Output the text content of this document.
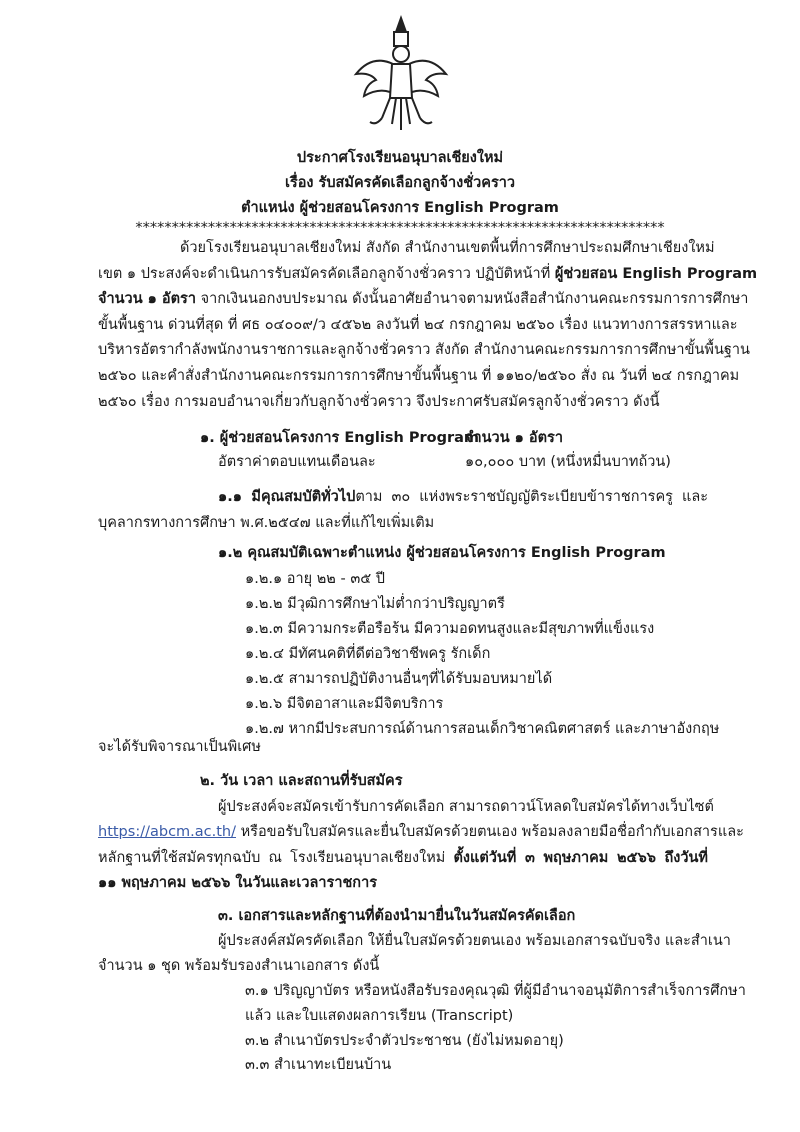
ประกาศโรงเรียนอนุบาลเชียงใหม่
เรื่อง รับสมัครคัดเลือกลูกจ้างชั่วคราว
ตำแหน่ง ผู้ช่วยสอนโครงการ English Program
*************************************************************************
ด้วยโรงเรียนอนุบาลเชียงใหม่ สังกัด สำนักงานเขตพื้นที่การศึกษาประถมศึกษาเชียงใหม่
เขต ๑ ประสงค์จะดำเนินการรับสมัครคัดเลือกลูกจ้างชั่วคราว ปฏิบัติหน้าที่ ผู้ช่วยสอน English Program
จำนวน ๑ อัตรา จากเงินนอกงบประมาณ ดังนั้นอาศัยอำนาจตามหนังสือสำนักงานคณะกรรมการการศึกษา
ขั้นพื้นฐาน ด่วนที่สุด ที่ ศธ ๐๔๐๐๙/ว ๔๕๖๒ ลงวันที่ ๒๔ กรกฎาคม ๒๕๖๐ เรื่อง แนวทางการสรรหาและ
บริหารอัตรากำลังพนักงานราชการและลูกจ้างชั่วคราว สังกัด สำนักงานคณะกรรมการการศึกษาขั้นพื้นฐาน
๒๕๖๐ และคำสั่งสำนักงานคณะกรรมการการศึกษาขั้นพื้นฐาน ที่ ๑๑๒๐/๒๕๖๐ สั่ง ณ วันที่ ๒๔ กรกฎาคม
๒๕๖๐ เรื่อง การมอบอำนาจเกี่ยวกับลูกจ้างชั่วคราว จึงประกาศรับสมัครลูกจ้างชั่วคราว ดังนี้
๑. ผู้ช่วยสอนโครงการ English Program
จำนวน ๑ อัตรา
อัตราค่าตอบแทนเดือนละ	๑๐,๐๐๐ บาท (หนึ่งหมื่นบาทถ้วน)
๑.๑ มีคุณสมบัติทั่วไปตาม ๓๐ แห่งพระราชบัญญัติระเบียบข้าราชการครู และ
บุคลากรทางการศึกษา พ.ศ.๒๕๔๗ และที่แก้ไขเพิ่มเติม
๑.๒ คุณสมบัติเฉพาะตำแหน่ง ผู้ช่วยสอนโครงการ English Program
๑.๒.๑ อายุ ๒๒ - ๓๕ ปี
๑.๒.๒ มีวุฒิการศึกษาไม่ต่ำกว่าปริญญาตรี
๑.๒.๓ มีความกระตือรือร้น มีความอดทนสูงและมีสุขภาพที่แข็งแรง
๑.๒.๔ มีทัศนคติที่ดีต่อวิชาชีพครู รักเด็ก
๑.๒.๕ สามารถปฏิบัติงานอื่นๆที่ได้รับมอบหมายได้
๑.๒.๖ มีจิตอาสาและมีจิตบริการ
๑.๒.๗ หากมีประสบการณ์ด้านการสอนเด็กวิชาคณิตศาสตร์ และภาษาอังกฤษ
จะได้รับพิจารณาเป็นพิเศษ
๒. วัน เวลา และสถานที่รับสมัคร
ผู้ประสงค์จะสมัครเข้ารับการคัดเลือก สามารถดาวน์โหลดใบสมัครได้ทางเว็บไซต์
https://abcm.ac.th/ หรือขอรับใบสมัครและยื่นใบสมัครด้วยตนเอง พร้อมลงลายมือชื่อกำกับเอกสารและ
หลักฐานที่ใช้สมัครทุกฉบับ ณ โรงเรียนอนุบาลเชียงใหม่ ตั้งแต่วันที่ ๓ พฤษภาคม ๒๕๖๖ ถึงวันที่
๑๑ พฤษภาคม ๒๕๖๖ ในวันและเวลาราชการ
๓. เอกสารและหลักฐานที่ต้องนำมายื่นในวันสมัครคัดเลือก
ผู้ประสงค์สมัครคัดเลือก ให้ยื่นใบสมัครด้วยตนเอง พร้อมเอกสารฉบับจริง และสำเนา
จำนวน ๑ ชุด พร้อมรับรองสำเนาเอกสาร ดังนี้
๓.๑ ปริญญาบัตร หรือหนังสือรับรองคุณวุฒิ ที่ผู้มีอำนาจอนุมัติการสำเร็จการศึกษา
แล้ว และใบแสดงผลการเรียน (Transcript)
๓.๒ สำเนาบัตรประจำตัวประชาชน (ยังไม่หมดอายุ)
๓.๓ สำเนาทะเบียนบ้าน
